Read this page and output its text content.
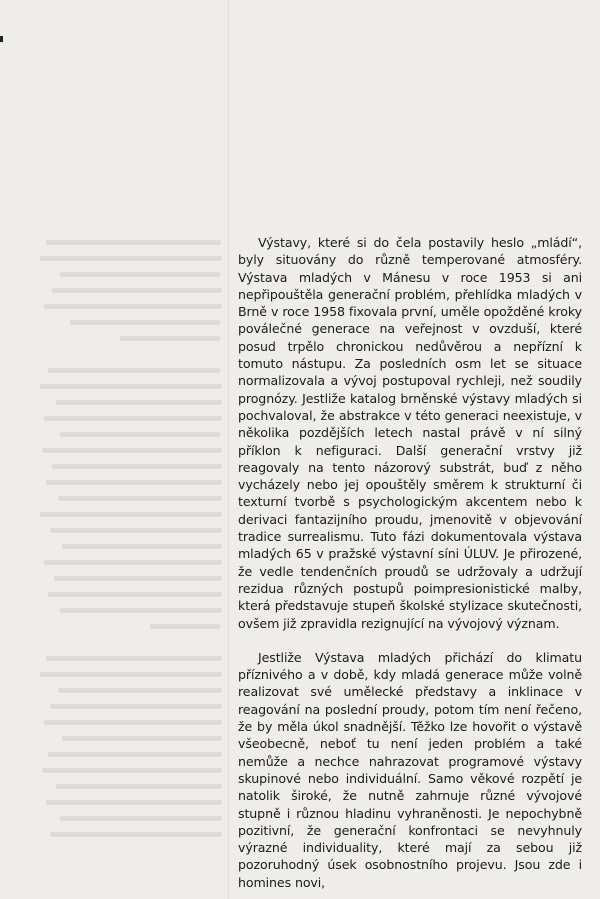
Výstavy, které si do čela postavily heslo „mládí“, byly situovány do různě temperované atmosféry. Výstava mladých v Mánesu v roce 1953 si ani nepřipouštěla generační problém, přehlídka mladých v Brně v roce 1958 fixovala první, uměle opožděné kroky poválečné generace na veřejnost v ovzduší, které posud trpělo chronickou nedůvěrou a nepřízní k tomuto nástupu. Za posledních osm let se situace normalizovala a vývoj postupoval rychleji, než soudily prognózy. Jestliže katalog brněnské výstavy mladých si pochvaloval, že abstrakce v této generaci neexistuje, v několika pozdějších letech nastal právě v ní silný příklon k nefiguraci. Další generační vrstvy již reagovaly na tento názorový substrát, buď z něho vycházely nebo jej opouštěly směrem k strukturní či texturní tvorbě s psychologickým akcentem nebo k derivaci fantazijního proudu, jmenovitě v objevování tradice surrealismu. Tuto fázi dokumentovala výstava mladých 65 v pražské výstavní síni ÚLUV. Je přirozené, že vedle tendenčních proudů se udržovaly a udržují rezidua různých postupů poimpresionistické malby, která představuje stupeň školské stylizace skutečnosti, ovšem již zpravidla rezignující na vývojový význam.

Jestliže Výstava mladých přichází do klimatu příznivého a v době, kdy mladá generace může volně realizovat své umělecké představy a inklinace v reagování na poslední proudy, potom tím není řečeno, že by měla úkol snadnější. Těžko lze hovořit o výstavě všeobecně, neboť tu není jeden problém a také nemůže a nechce nahrazovat programové výstavy skupinové nebo individuální. Samo věkové rozpětí je natolik široké, že nutně zahrnuje různé vývojové stupně i různou hladinu vyhraněnosti. Je nepochybně pozitivní, že generační konfrontaci se nevyhnuly výrazné individuality, které mají za sebou již pozoruhodný úsek osobnostního projevu. Jsou zde i homines novi,
